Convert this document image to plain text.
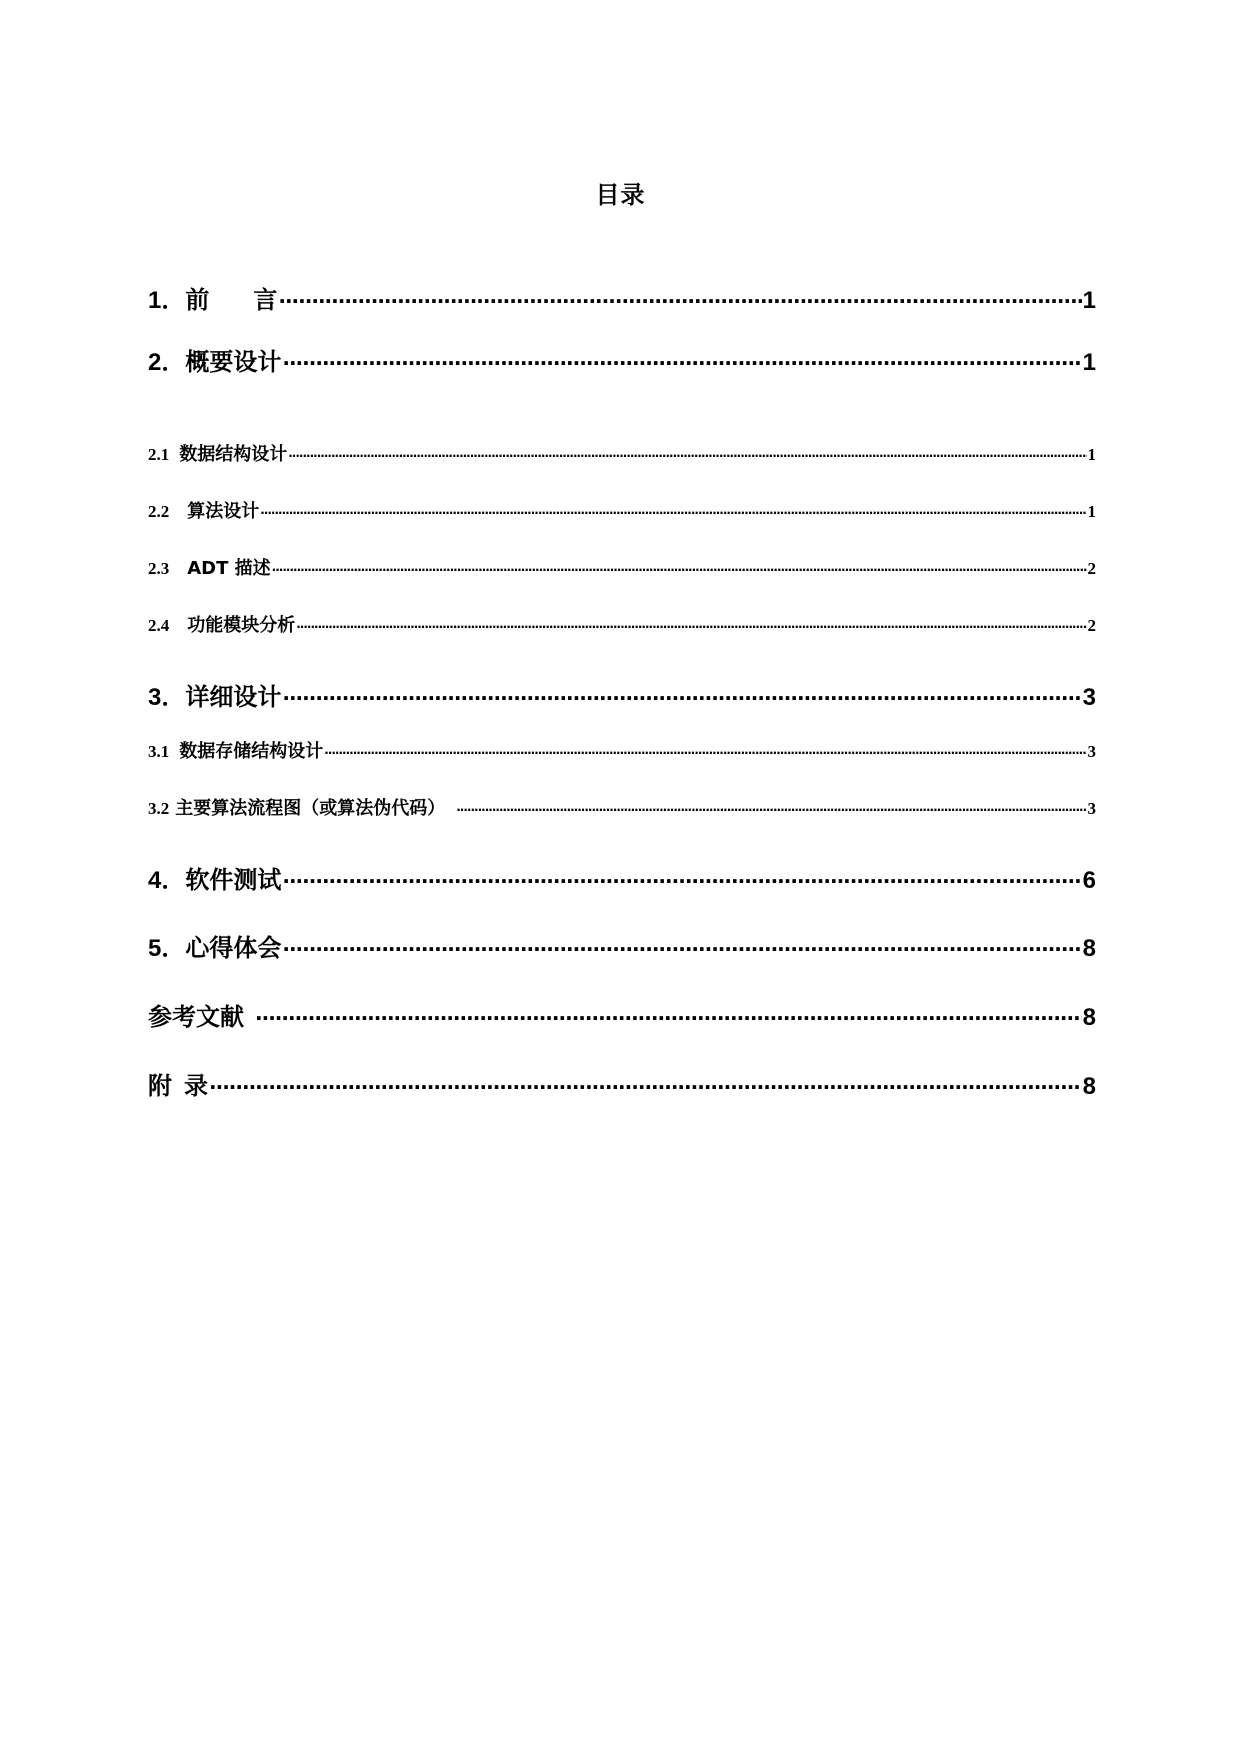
目录
1．前 言 ·····	1
2．概要设计 ·····	1
2.1 数据结构设计 ·····	1
2.2 算法设计 ·····	1
2.3 ADT 描述 ·····	2
2.4 功能模块分析 ·····	2
3．详细设计 ·····	3
3.1 数据存储结构设计 ·····	3
3.2 主要算法流程图（或算法伪代码） ·····	3
4．软件测试 ·····	6
5．心得体会 ·····	8
参考文献 ·····	8
附 录 ·····	8
